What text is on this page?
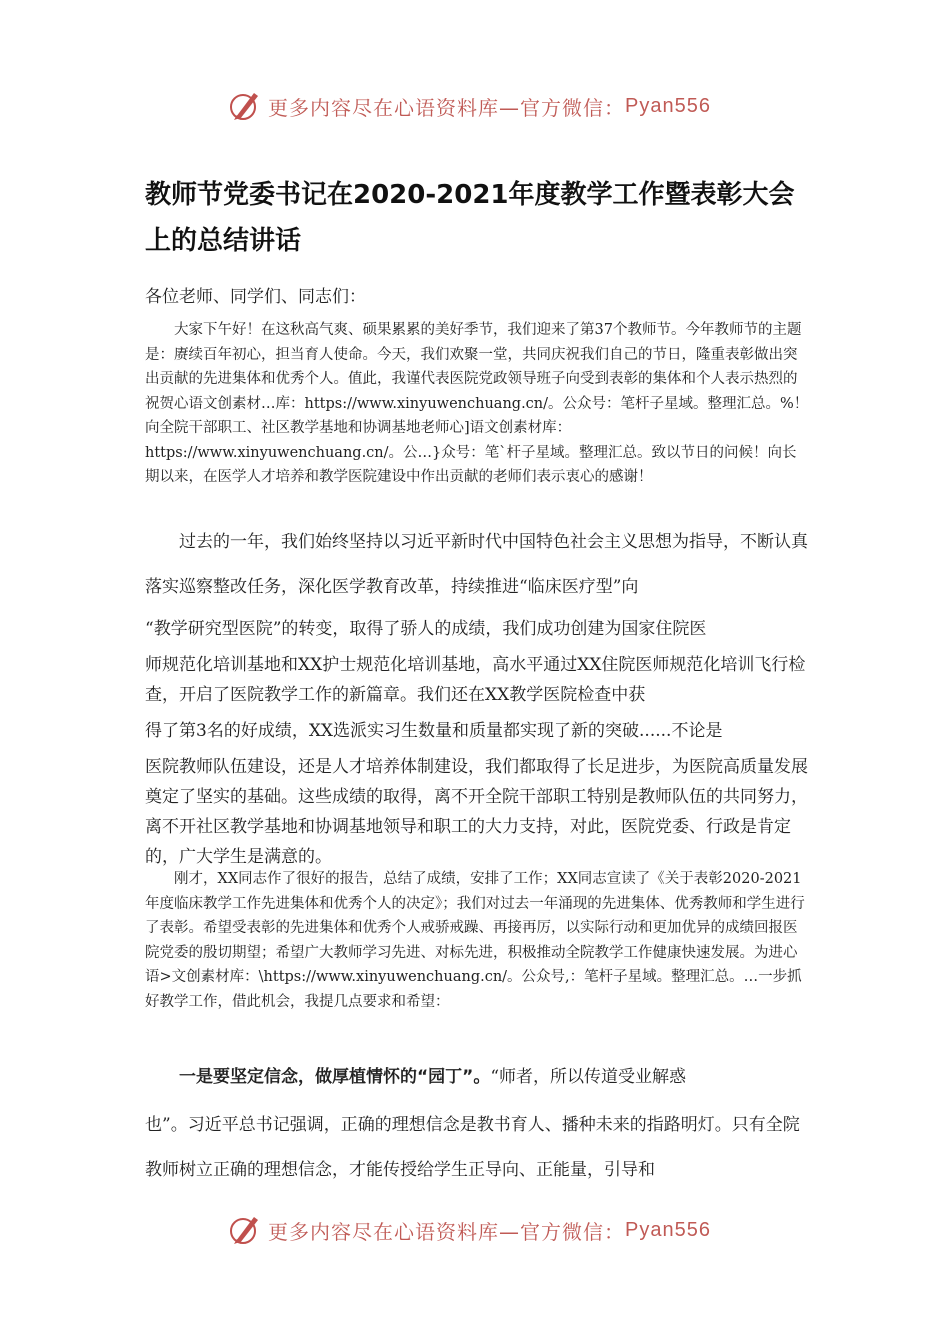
更多内容尽在心语资料库—官方微信： Pyan556
教师节党委书记在2020-2021年度教学工作暨表彰大会上的总结讲话

各位老师、同学们、同志们：

大家下午好！在这秋高气爽、硕果累累的美好季节，我们迎来了第37个教师节。今年教师节的主题是：赓续百年初心，担当育人使命。今天，我们欢聚一堂，共同庆祝我们自己的节日，隆重表彰做出突出贡献的先进集体和优秀个人。值此，我谨代表医院党政领导班子向受到表彰的集体和个人表示热烈的祝贺心语文创素材…库：https://www.xinyuwenchuang.cn/。公众号：笔杆子星域。整理汇总。%！向全院干部职工、社区教学基地和协调基地老师心]语文创素材库：https://www.xinyuwenchuang.cn/。公…}众号：笔`杆子星域。整理汇总。致以节日的问候！向长期以来，在医学人才培养和教学医院建设中作出贡献的老师们表示衷心的感谢！

过去的一年，我们始终坚持以习近平新时代中国特色社会主义思想为指导，不断认真落实巡察整改任务，深化医学教育改革，持续推进“临床医疗型”向

“教学研究型医院”的转变，取得了骄人的成绩，我们成功创建为国家住院医

师规范化培训基地和XX护士规范化培训基地，高水平通过XX住院医师规范化培训飞行检查，开启了医院教学工作的新篇章。我们还在XX教学医院检查中获

得了第3名的好成绩，XX选派实习生数量和质量都实现了新的突破......不论是

医院教师队伍建设，还是人才培养体制建设，我们都取得了长足进步，为医院高质量发展奠定了坚实的基础。这些成绩的取得，离不开全院干部职工特别是教师队伍的共同努力，离不开社区教学基地和协调基地领导和职工的大力支持，对此，医院党委、行政是肯定的，广大学生是满意的。

刚才，XX同志作了很好的报告，总结了成绩，安排了工作；XX同志宣读了《关于表彰2020-2021年度临床教学工作先进集体和优秀个人的决定》；我们对过去一年涌现的先进集体、优秀教师和学生进行了表彰。希望受表彰的先进集体和优秀个人戒骄戒躁、再接再厉，以实际行动和更加优异的成绩回报医院党委的殷切期望；希望广大教师学习先进、对标先进，积极推动全院教学工作健康快速发展。为进心语>文创素材库：\https://www.xinyuwenchuang.cn/。公众号,：笔杆子星域。整理汇总。…一步抓好教学工作，借此机会，我提几点要求和希望：

一是要坚定信念，做厚植情怀的“园丁”。“师者，所以传道受业解惑

也”。习近平总书记强调，正确的理想信念是教书育人、播种未来的指路明灯。只有全院教师树立正确的理想信念，才能传授给学生正导向、正能量，引导和

更多内容尽在心语资料库—官方微信： Pyan556
